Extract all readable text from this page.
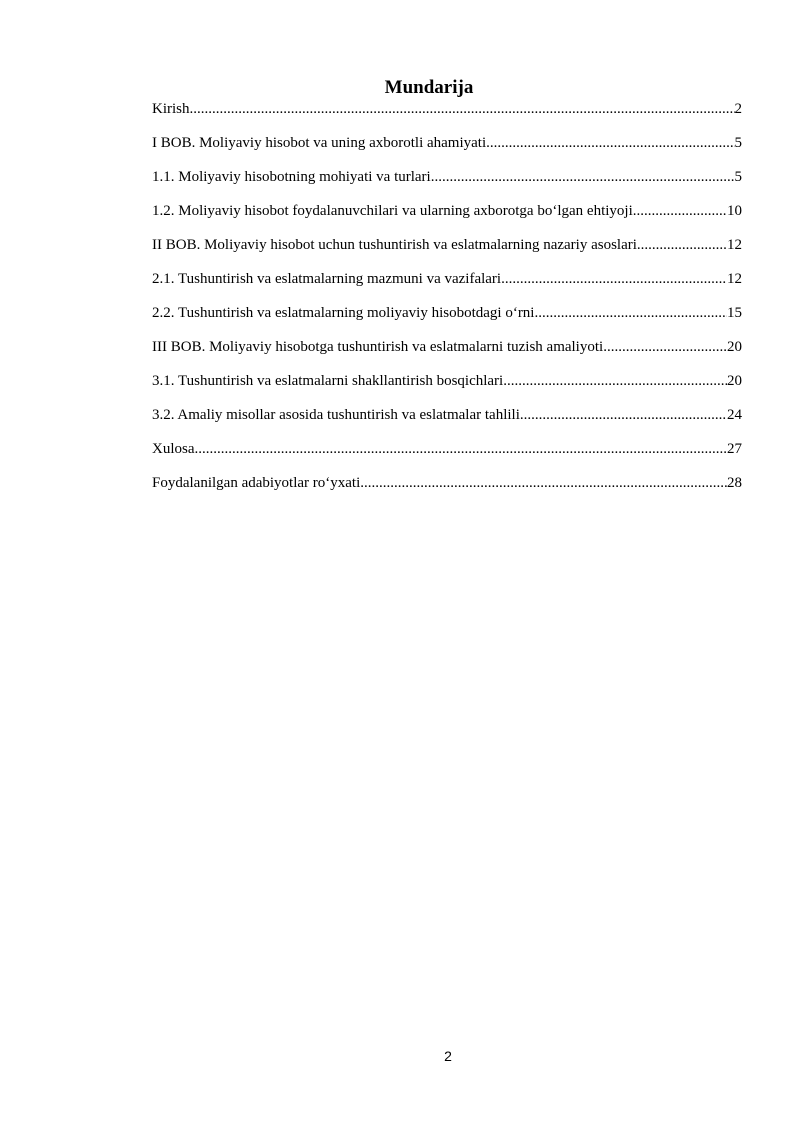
Mundarija
Kirish .....	2
I BOB. Moliyaviy hisobot va uning axborotli ahamiyati .....	5
1.1. Moliyaviy hisobotning mohiyati va turlari .....	5
1.2. Moliyaviy hisobot foydalanuvchilari va ularning axborotga bo‘lgan ehtiyoji .....	10
II BOB. Moliyaviy hisobot uchun tushuntirish va eslatmalarning nazariy asoslari .....	12
2.1. Tushuntirish va eslatmalarning mazmuni va vazifalari .....	12
2.2. Tushuntirish va eslatmalarning moliyaviy hisobotdagi o‘rni .....	15
III BOB. Moliyaviy hisobotga tushuntirish va eslatmalarni tuzish amaliyoti .....	20
3.1. Tushuntirish va eslatmalarni shakllantirish bosqichlari .....	20
3.2. Amaliy misollar asosida tushuntirish va eslatmalar tahlili .....	24
Xulosa .....	27
Foydalanilgan adabiyotlar ro‘yxati .....	28
2
